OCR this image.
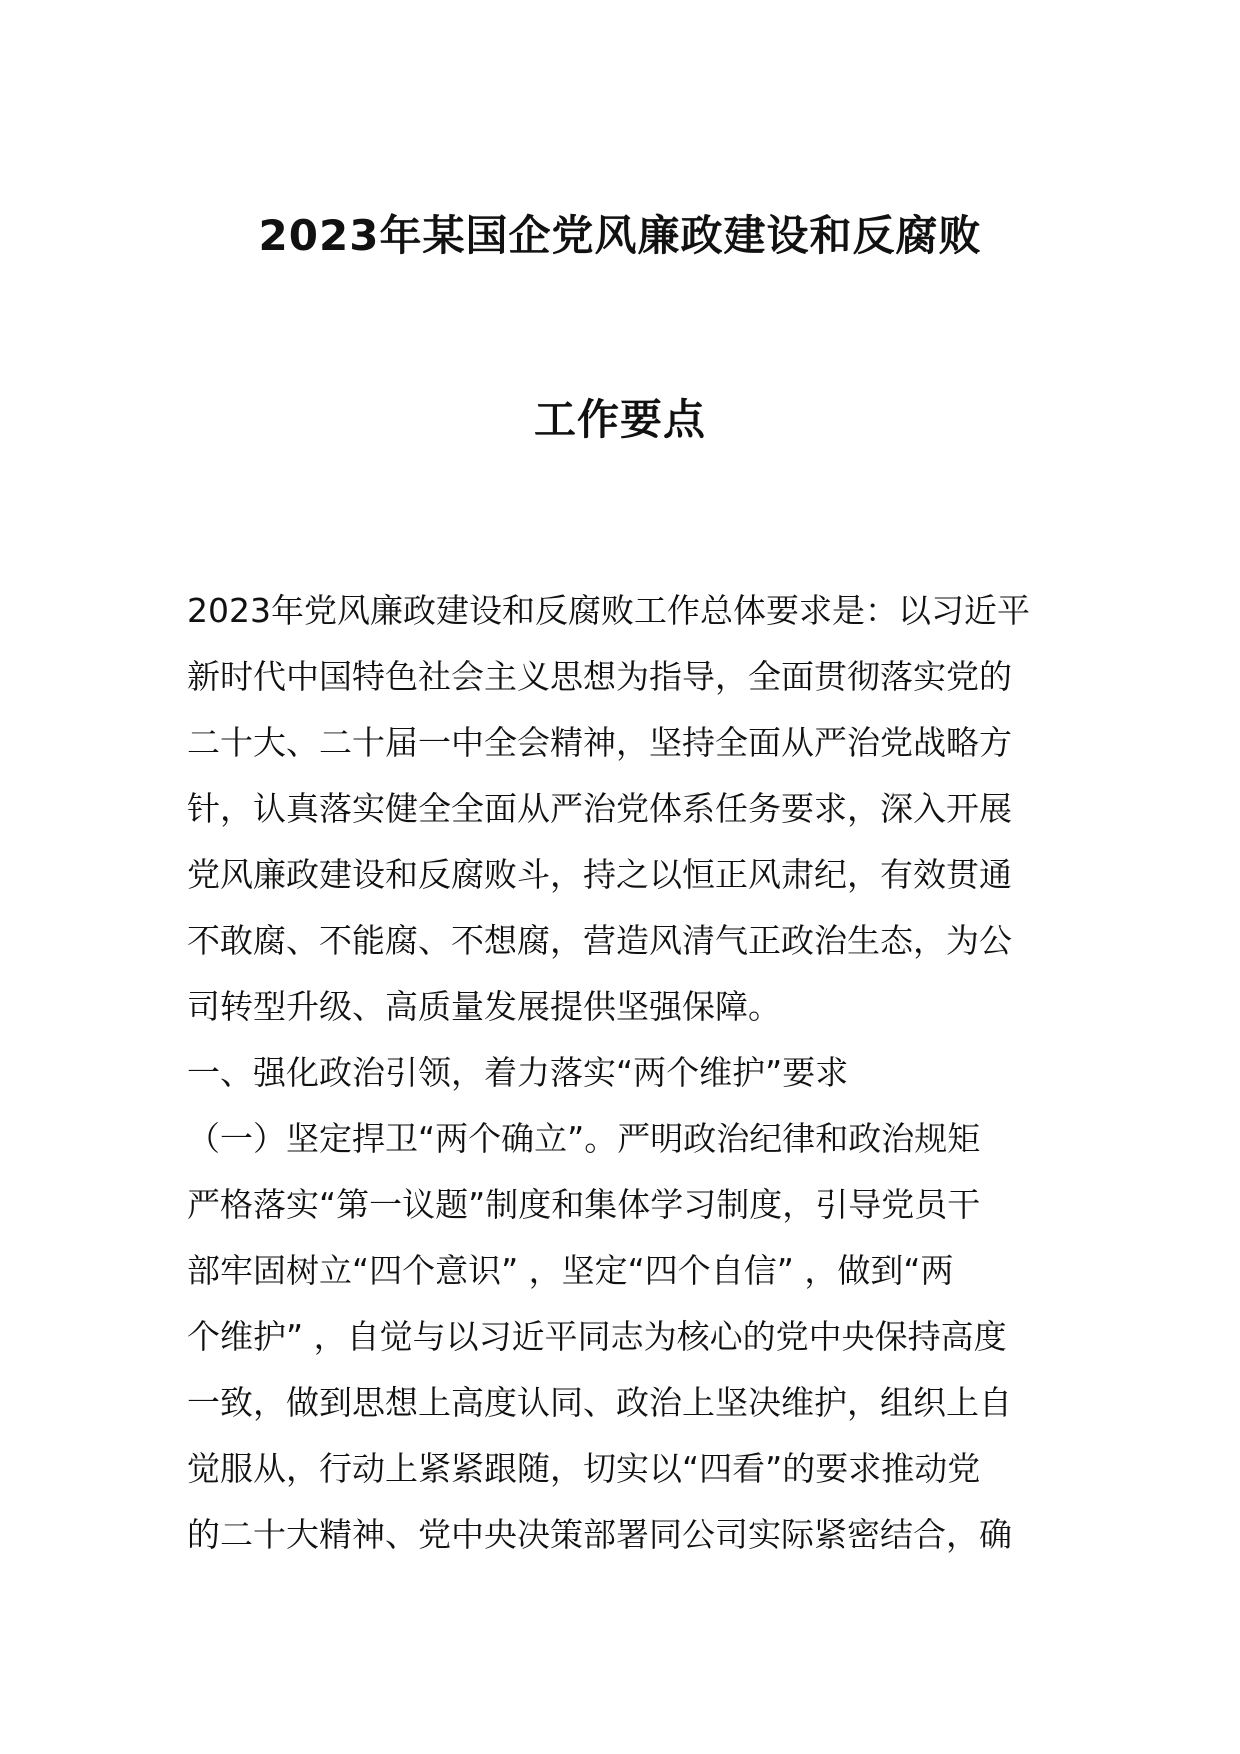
2023年某国企党风廉政建设和反腐败
工作要点
2023年党风廉政建设和反腐败工作总体要求是：以习近平
新时代中国特色社会主义思想为指导，全面贯彻落实党的
二十大、二十届一中全会精神，坚持全面从严治党战略方
针，认真落实健全全面从严治党体系任务要求，深入开展
党风廉政建设和反腐败斗，持之以恒正风肃纪，有效贯通
不敢腐、不能腐、不想腐，营造风清气正政治生态，为公
司转型升级、高质量发展提供坚强保障。
一、强化政治引领，着力落实“两个维护”要求
（一）坚定捍卫“两个确立”。严明政治纪律和政治规矩
严格落实“第一议题”制度和集体学习制度，引导党员干
部牢固树立“四个意识” ，坚定“四个自信” ，做到“两
个维护” ，自觉与以习近平同志为核心的党中央保持高度
一致，做到思想上高度认同、政治上坚决维护，组织上自
觉服从，行动上紧紧跟随，切实以“四看”的要求推动党
的二十大精神、党中央决策部署同公司实际紧密结合，确
